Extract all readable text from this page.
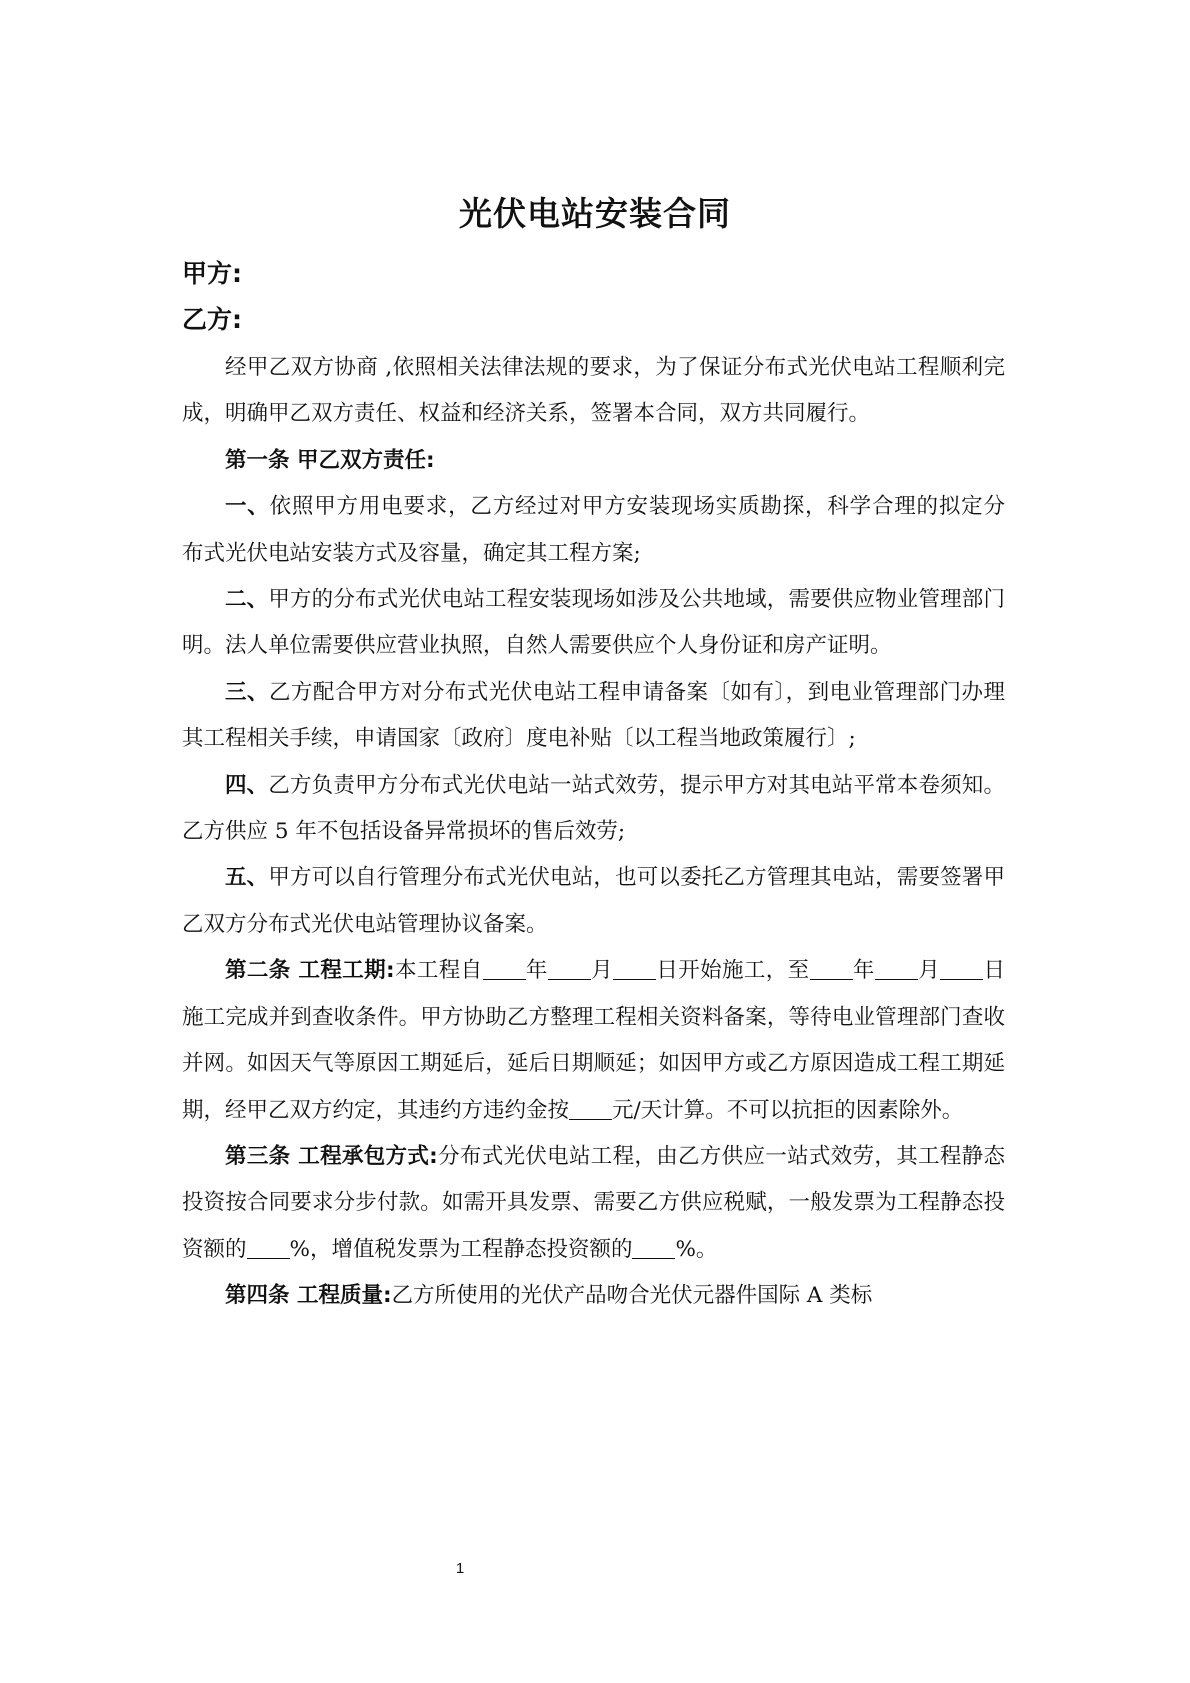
光伏电站安装合同
甲方:
乙方:

经甲乙双方协商 ,依照相关法律法规的要求，为了保证分布式光伏电站工程顺利完成，明确甲乙双方责任、权益和经济关系，签署本合同，双方共同履行。

第一条 甲乙双方责任:

一、依照甲方用电要求，乙方经过对甲方安装现场实质勘探，科学合理的拟定分 布式光伏电站安装方式及容量，确定其工程方案;

二、甲方的分布式光伏电站工程安装现场如涉及公共地域，需要供应物业管理部门 明。法人单位需要供应营业执照，自然人需要供应个人身份证和房产证明。

三、乙方配合甲方对分布式光伏电站工程申请备案〔如有〕，到电业管理部门办理其工程相关手续，申请国家〔政府〕度电补贴〔以工程当地政策履行〕;

四、乙方负责甲方分布式光伏电站一站式效劳，提示甲方对其电站平常本卷须知。 乙方供应 5 年不包括设备异常损坏的售后效劳;

五、甲方可以自行管理分布式光伏电站，也可以委托乙方管理其电站，需要签署甲乙双方分布式光伏电站管理协议备案。

第二条 工程工期:本工程自 年 月 日开始施工，至 年 月 日施工完成并到查收条件。甲方协助乙方整理工程相关资料备案，等待电业管理部门查收并网。如因天气等原因工期延后，延后日期顺延；如因甲方或乙方原因造成工程工期延期，经甲乙双方约定，其违约方违约金按 元/天计算。不可以抗拒的因素除外。

第三条 工程承包方式:分布式光伏电站工程，由乙方供应一站式效劳，其工程静态投资按合同要求分步付款。如需开具发票、需要乙方供应税赋，一般发票为工程静态投资额的 %，增值税发票为工程静态投资额的 %。

第四条 工程质量:乙方所使用的光伏产品吻合光伏元器件国际 A 类标

1
